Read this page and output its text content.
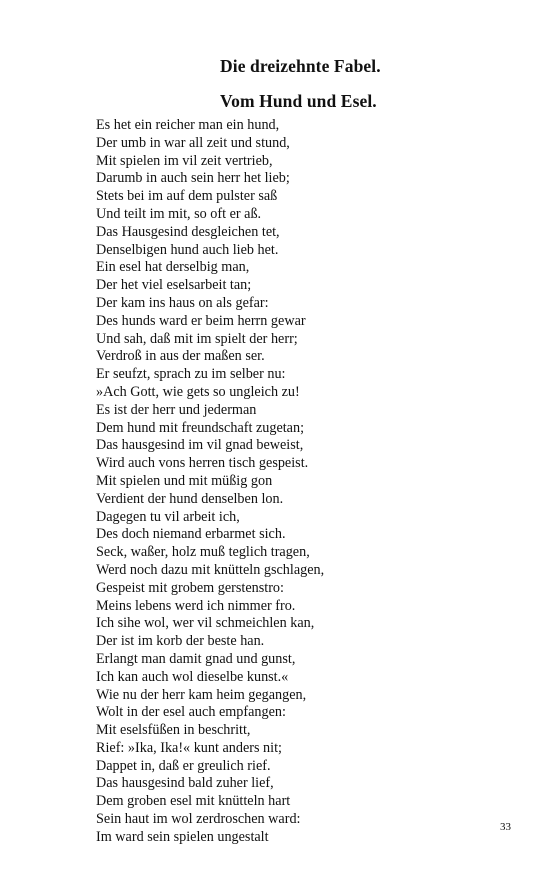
Die dreizehnte Fabel.
Vom Hund und Esel.
Es het ein reicher man ein hund,
Der umb in war all zeit und stund,
Mit spielen im vil zeit vertrieb,
Darumb in auch sein herr het lieb;
Stets bei im auf dem pulster saß
Und teilt im mit, so oft er aß.
Das Hausgesind desgleichen tet,
Denselbigen hund auch lieb het.
Ein esel hat derselbig man,
Der het viel eselsarbeit tan;
Der kam ins haus on als gefar:
Des hunds ward er beim herrn gewar
Und sah, daß mit im spielt der herr;
Verdroß in aus der maßen ser.
Er seufzt, sprach zu im selber nu:
»Ach Gott, wie gets so ungleich zu!
Es ist der herr und jederman
Dem hund mit freundschaft zugetan;
Das hausgesind im vil gnad beweist,
Wird auch vons herren tisch gespeist.
Mit spielen und mit müßig gon
Verdient der hund denselben lon.
Dagegen tu vil arbeit ich,
Des doch niemand erbarmet sich.
Seck, waßer, holz muß teglich tragen,
Werd noch dazu mit knütteln gschlagen,
Gespeist mit grobem gerstenstro:
Meins lebens werd ich nimmer fro.
Ich sihe wol, wer vil schmeichlen kan,
Der ist im korb der beste han.
Erlangt man damit gnad und gunst,
Ich kan auch wol dieselbe kunst.«
Wie nu der herr kam heim gegangen,
Wolt in der esel auch empfangen:
Mit eselsfüßen in beschritt,
Rief: »Ika, Ika!« kunt anders nit;
Dappet in, daß er greulich rief.
Das hausgesind bald zuher lief,
Dem groben esel mit knütteln hart
Sein haut im wol zerdroschen ward:
Im ward sein spielen ungestalt
33
